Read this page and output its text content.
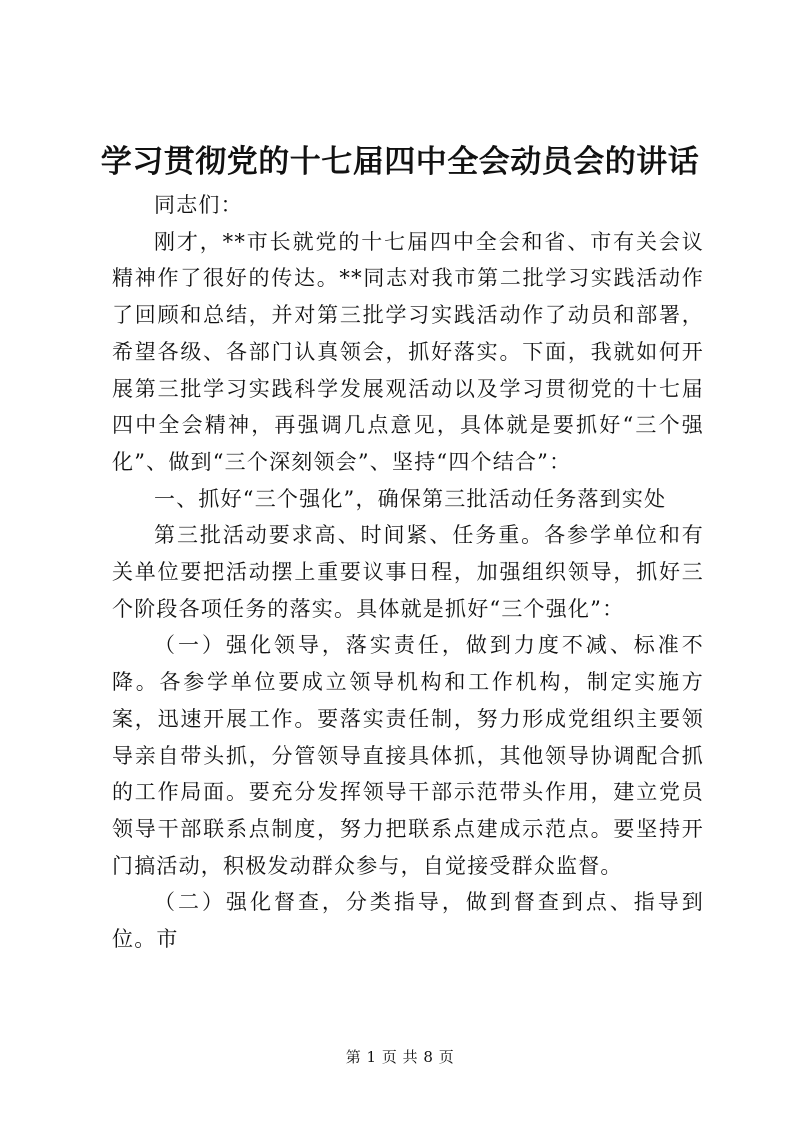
学习贯彻党的十七届四中全会动员会的讲话

同志们：

刚才，**市长就党的十七届四中全会和省、市有关会议精神作了很好的传达。**同志对我市第二批学习实践活动作了回顾和总结，并对第三批学习实践活动作了动员和部署，希望各级、各部门认真领会，抓好落实。下面，我就如何开展第三批学习实践科学发展观活动以及学习贯彻党的十七届四中全会精神，再强调几点意见，具体就是要抓好“三个强化”、做到“三个深刻领会”、坚持“四个结合”：

一、抓好“三个强化”，确保第三批活动任务落到实处

第三批活动要求高、时间紧、任务重。各参学单位和有关单位要把活动摆上重要议事日程，加强组织领导，抓好三个阶段各项任务的落实。具体就是抓好“三个强化”：

（一）强化领导，落实责任，做到力度不减、标准不降。各参学单位要成立领导机构和工作机构，制定实施方案，迅速开展工作。要落实责任制，努力形成党组织主要领导亲自带头抓，分管领导直接具体抓，其他领导协调配合抓的工作局面。要充分发挥领导干部示范带头作用，建立党员领导干部联系点制度，努力把联系点建成示范点。要坚持开门搞活动，积极发动群众参与，自觉接受群众监督。

（二）强化督查，分类指导，做到督查到点、指导到位。市

第 1 页 共 8 页
